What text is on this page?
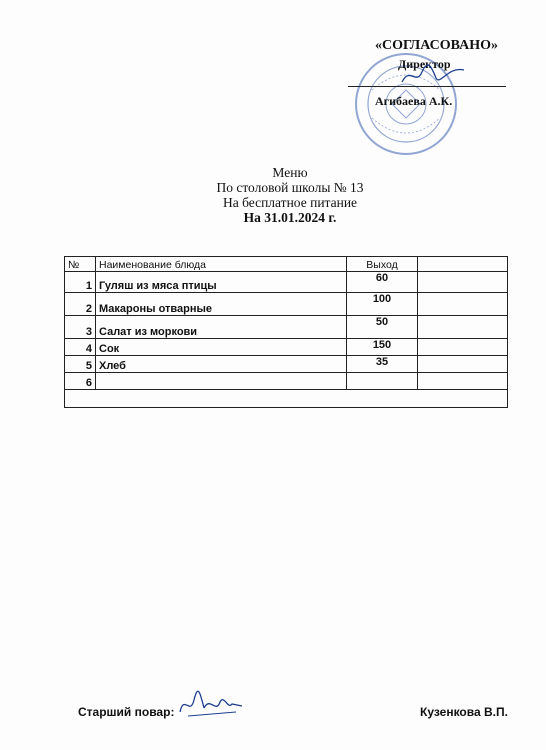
«СОГЛАСОВАНО»
Директор
Агибаева А.К.
Меню
По столовой школы № 13
На бесплатное питание
На 31.01.2024 г.
№	Наименование блюда	Выход	
1	Гуляш из мяса птицы	60	
2	Макароны отварные	100	
3	Салат из моркови	50	
4	Сок	150	
5	Хлеб	35	
6			

Старший повар:	Кузенкова В.П.
